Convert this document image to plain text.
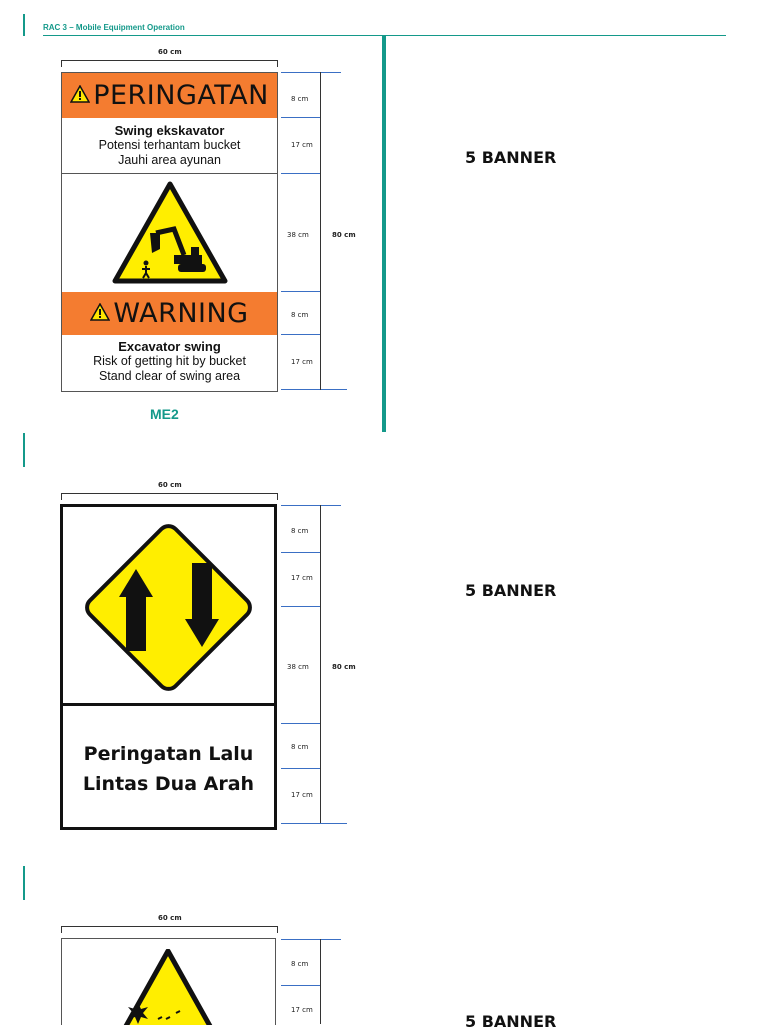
RAC 3 – Mobile Equipment Operation
60 cm
PERINGATAN
Swing ekskavator
Potensi terhantam bucket
Jauhi area ayunan
WARNING
Excavator swing
Risk of getting hit by bucket
Stand clear of swing area
8 cm
17 cm
38 cm
8 cm
17 cm
80 cm
ME2
5 BANNER
60 cm
Peringatan Lalu
Lintas Dua Arah
8 cm
17 cm
38 cm
8 cm
17 cm
80 cm
5 BANNER
60 cm
8 cm
17 cm
5 BANNER
